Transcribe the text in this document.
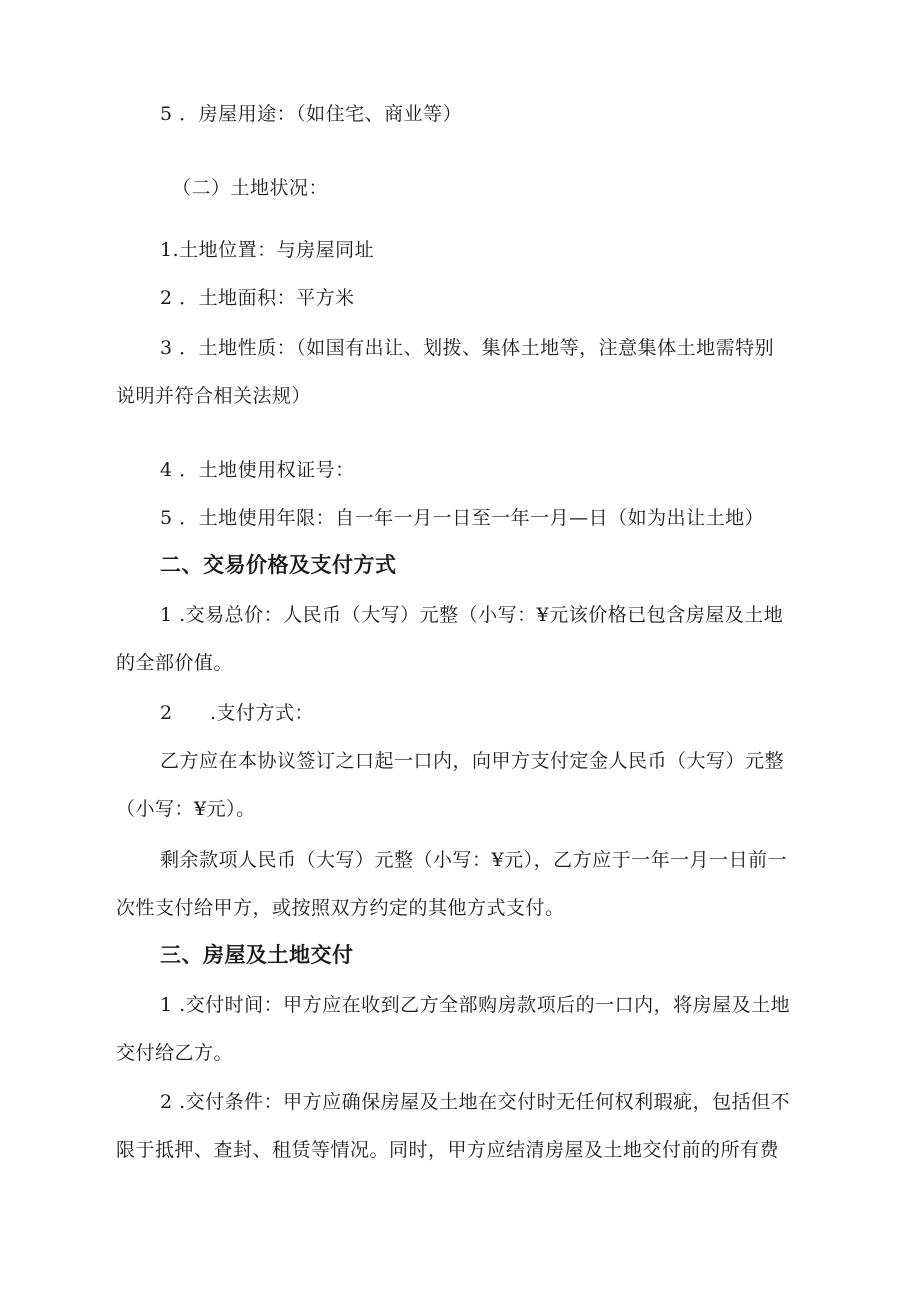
5 ．房屋用途：（如住宅、商业等）
（二）土地状况：
1.土地位置：与房屋同址
2 ．土地面积：平方米
3 ．土地性质：（如国有出让、划拨、集体土地等，注意集体土地需特别
说明并符合相关法规）
4 ．土地使用权证号：
5 ．土地使用年限：自一年一月一日至一年一月—日（如为出让土地）
二、交易价格及支付方式
1 .交易总价：人民币（大写）元整（小写：¥元该价格已包含房屋及土地
的全部价值。
2 .支付方式：
乙方应在本协议签订之口起一口内，向甲方支付定金人民币（大写）元整
（小写：¥元）。
剩余款项人民币（大写）元整（小写：¥元），乙方应于一年一月一日前一
次性支付给甲方，或按照双方约定的其他方式支付。
三、房屋及土地交付
1 .交付时间：甲方应在收到乙方全部购房款项后的一口内，将房屋及土地
交付给乙方。
2 .交付条件：甲方应确保房屋及土地在交付时无任何权利瑕疵，包括但不
限于抵押、查封、租赁等情况。同时，甲方应结清房屋及土地交付前的所有费
